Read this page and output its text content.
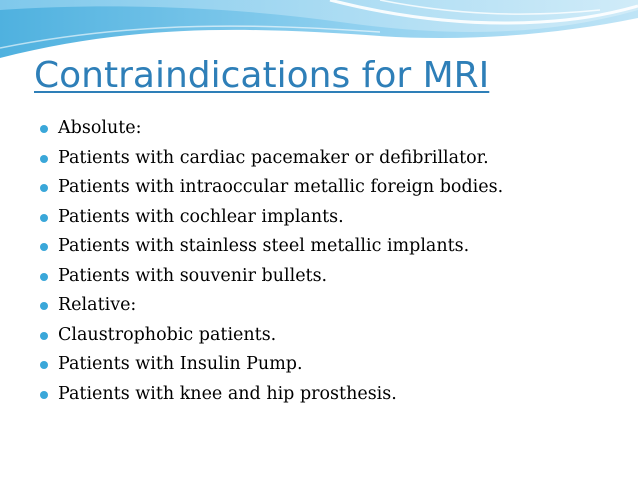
Contraindications for MRI
Absolute:
Patients with cardiac pacemaker or defibrillator.
Patients with intraoccular metallic foreign bodies.
Patients with cochlear implants.
Patients with stainless steel metallic implants.
Patients with souvenir bullets.
Relative:
Claustrophobic patients.
Patients with Insulin Pump.
Patients with knee and hip prosthesis.
